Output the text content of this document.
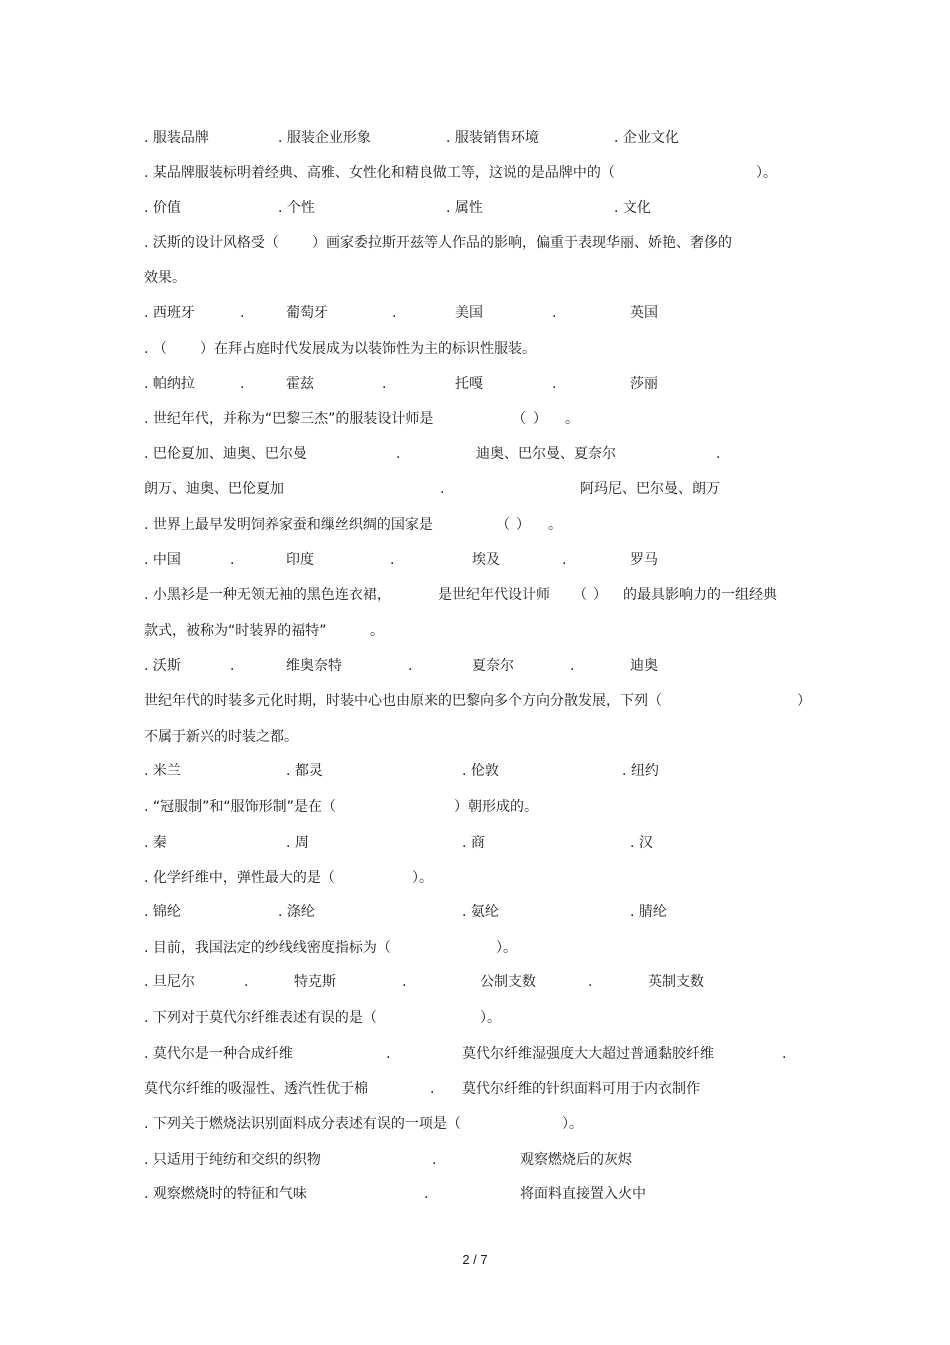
. 服装品牌	. 服装企业形象	. 服装销售环境	. 企业文化
. 某品牌服装标明着经典、高雅、女性化和精良做工等，这说的是品牌中的（	）。
. 价值	. 个性	. 属性	. 文化
. 沃斯的设计风格受（ ）画家委拉斯开兹等人作品的影响，偏重于表现华丽、娇艳、奢侈的
效果。
. 西班牙	.	葡萄牙	.	美国	.	英国
. （ ）在拜占庭时代发展成为以装饰性为主的标识性服装。
. 帕纳拉	.	霍兹	.	托嘎	.	莎丽
. 世纪年代，并称为“巴黎三杰”的服装设计师是	（ ） 。
. 巴伦夏加、迪奥、巴尔曼	.	迪奥、巴尔曼、夏奈尔	.
朗万、迪奥、巴伦夏加	.	阿玛尼、巴尔曼、朗万
. 世界上最早发明饲养家蚕和缫丝织绸的国家是	（ ） 。
. 中国	.	印度	.	埃及	.	罗马
. 小黑衫是一种无领无袖的黑色连衣裙，	是世纪年代设计师 （ ） 的最具影响力的一组经典
款式，被称为“时装界的福特”	。
. 沃斯	.	维奥奈特	.	夏奈尔	.	迪奥
世纪年代的时装多元化时期，时装中心也由原来的巴黎向多个方向分散发展，下列（	）
不属于新兴的时装之都。
. 米兰	. 都灵	. 伦敦	. 纽约
. “冠服制”和“服饰形制”是在（	）朝形成的。
. 秦	. 周	. 商	. 汉
. 化学纤维中，弹性最大的是（	）。
. 锦纶	. 涤纶	. 氨纶	. 腈纶
. 目前，我国法定的纱线线密度指标为（	）。
. 旦尼尔	.	特克斯	.	公制支数	.	英制支数
. 下列对于莫代尔纤维表述有误的是（	）。
. 莫代尔是一种合成纤维	.	莫代尔纤维湿强度大大超过普通黏胶纤维	.
莫代尔纤维的吸湿性、透汽性优于棉	. 莫代尔纤维的针织面料可用于内衣制作
. 下列关于燃烧法识别面料成分表述有误的一项是（	）。
. 只适用于纯纺和交织的织物	.	观察燃烧后的灰烬
. 观察燃烧时的特征和气味	.	将面料直接置入火中
2 / 7
